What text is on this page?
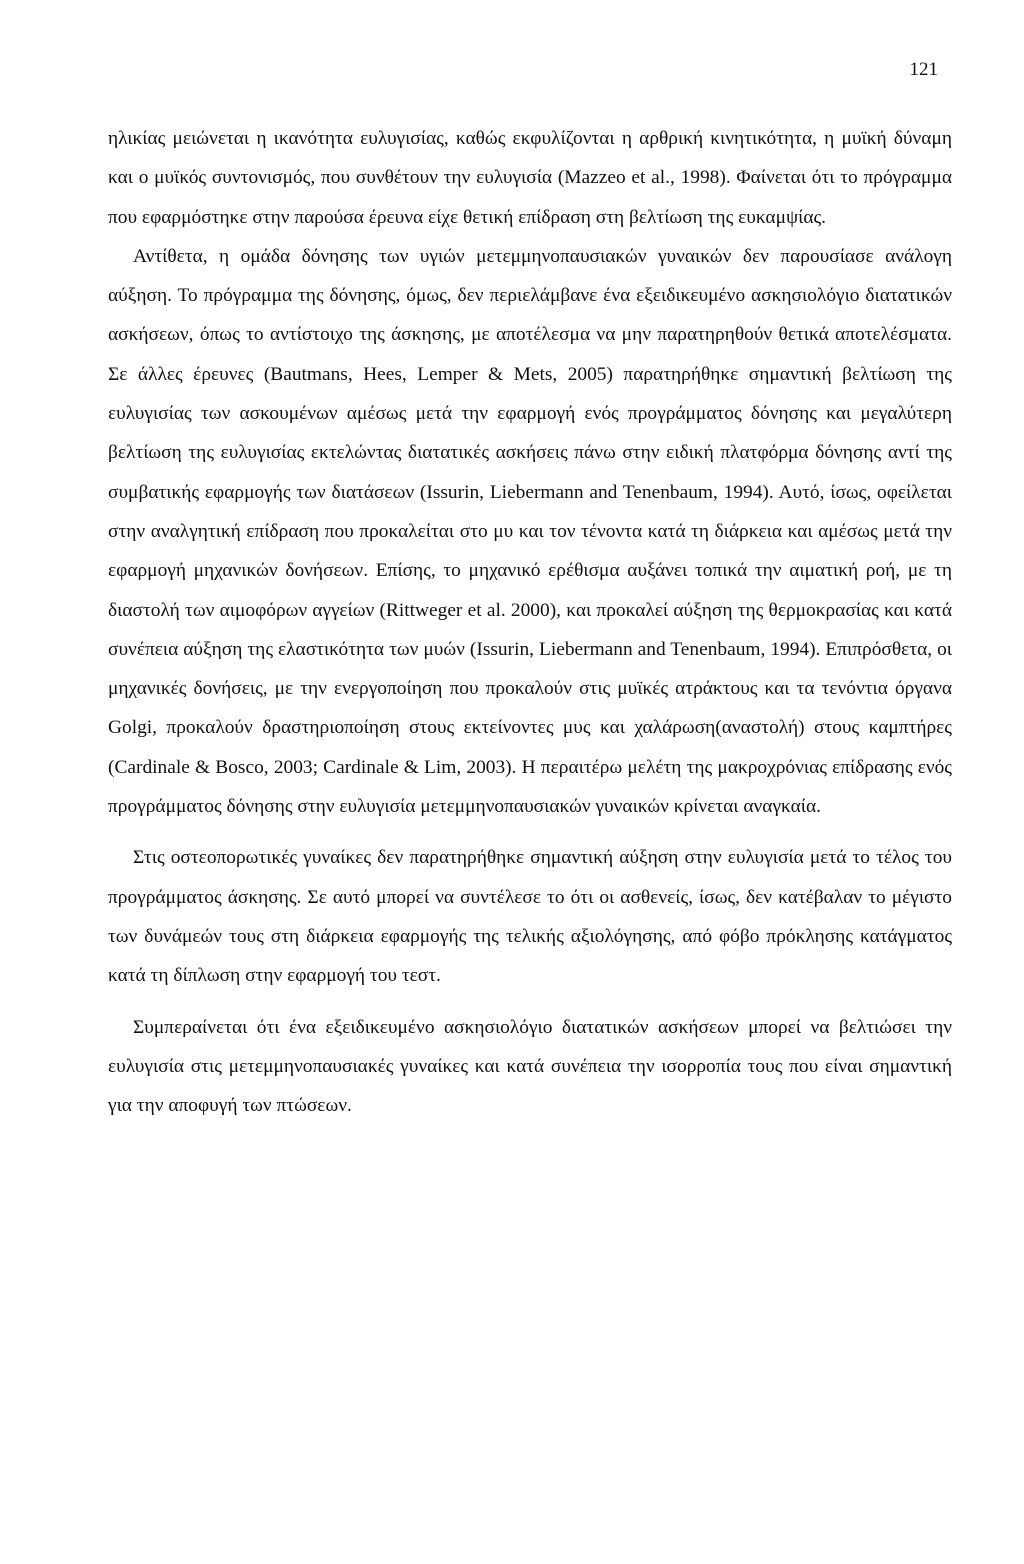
121

ηλικίας μειώνεται η ικανότητα ευλυγισίας, καθώς εκφυλίζονται η αρθρική κινητικότητα, η μυϊκή δύναμη και ο μυϊκός συντονισμός, που συνθέτουν την ευλυγισία (Mazzeo et al., 1998). Φαίνεται ότι το πρόγραμμα που εφαρμόστηκε στην παρούσα έρευνα είχε θετική επίδραση στη βελτίωση της ευκαμψίας.

Αντίθετα, η ομάδα δόνησης των υγιών μετεμμηνοπαυσιακών γυναικών δεν παρουσίασε ανάλογη αύξηση. Το πρόγραμμα της δόνησης, όμως, δεν περιελάμβανε ένα εξειδικευμένο ασκησιολόγιο διατατικών ασκήσεων, όπως το αντίστοιχο της άσκησης, με αποτέλεσμα να μην παρατηρηθούν θετικά αποτελέσματα. Σε άλλες έρευνες (Bautmans, Hees, Lemper & Mets, 2005) παρατηρήθηκε σημαντική βελτίωση της ευλυγισίας των ασκουμένων αμέσως μετά την εφαρμογή ενός προγράμματος δόνησης και μεγαλύτερη βελτίωση της ευλυγισίας εκτελώντας διατατικές ασκήσεις πάνω στην ειδική πλατφόρμα δόνησης αντί της συμβατικής εφαρμογής των διατάσεων (Issurin, Liebermann and Tenenbaum, 1994). Αυτό, ίσως, οφείλεται στην αναλγητική επίδραση που προκαλείται στο μυ και τον τένοντα κατά τη διάρκεια και αμέσως μετά την εφαρμογή μηχανικών δονήσεων. Επίσης, το μηχανικό ερέθισμα αυξάνει τοπικά την αιματική ροή, με τη διαστολή των αιμοφόρων αγγείων (Rittweger et al. 2000), και προκαλεί αύξηση της θερμοκρασίας και κατά συνέπεια αύξηση της ελαστικότητα των μυών (Issurin, Liebermann and Tenenbaum, 1994). Επιπρόσθετα, οι μηχανικές δονήσεις, με την ενεργοποίηση που προκαλούν στις μυϊκές ατράκτους και τα τενόντια όργανα Golgi, προκαλούν δραστηριοποίηση στους εκτείνοντες μυς και χαλάρωση(αναστολή) στους καμπτήρες (Cardinale & Bosco, 2003; Cardinale & Lim, 2003). Η περαιτέρω μελέτη της μακροχρόνιας επίδρασης ενός προγράμματος δόνησης στην ευλυγισία μετεμμηνοπαυσιακών γυναικών κρίνεται αναγκαία.

Στις οστεοπορωτικές γυναίκες δεν παρατηρήθηκε σημαντική αύξηση στην ευλυγισία μετά το τέλος του προγράμματος άσκησης. Σε αυτό μπορεί να συντέλεσε το ότι οι ασθενείς, ίσως, δεν κατέβαλαν το μέγιστο των δυνάμεών τους στη διάρκεια εφαρμογής της τελικής αξιολόγησης, από φόβο πρόκλησης κατάγματος κατά τη δίπλωση στην εφαρμογή του τεστ.

Συμπεραίνεται ότι ένα εξειδικευμένο ασκησιολόγιο διατατικών ασκήσεων μπορεί να βελτιώσει την ευλυγισία στις μετεμμηνοπαυσιακές γυναίκες και κατά συνέπεια την ισορροπία τους που είναι σημαντική για την αποφυγή των πτώσεων.
